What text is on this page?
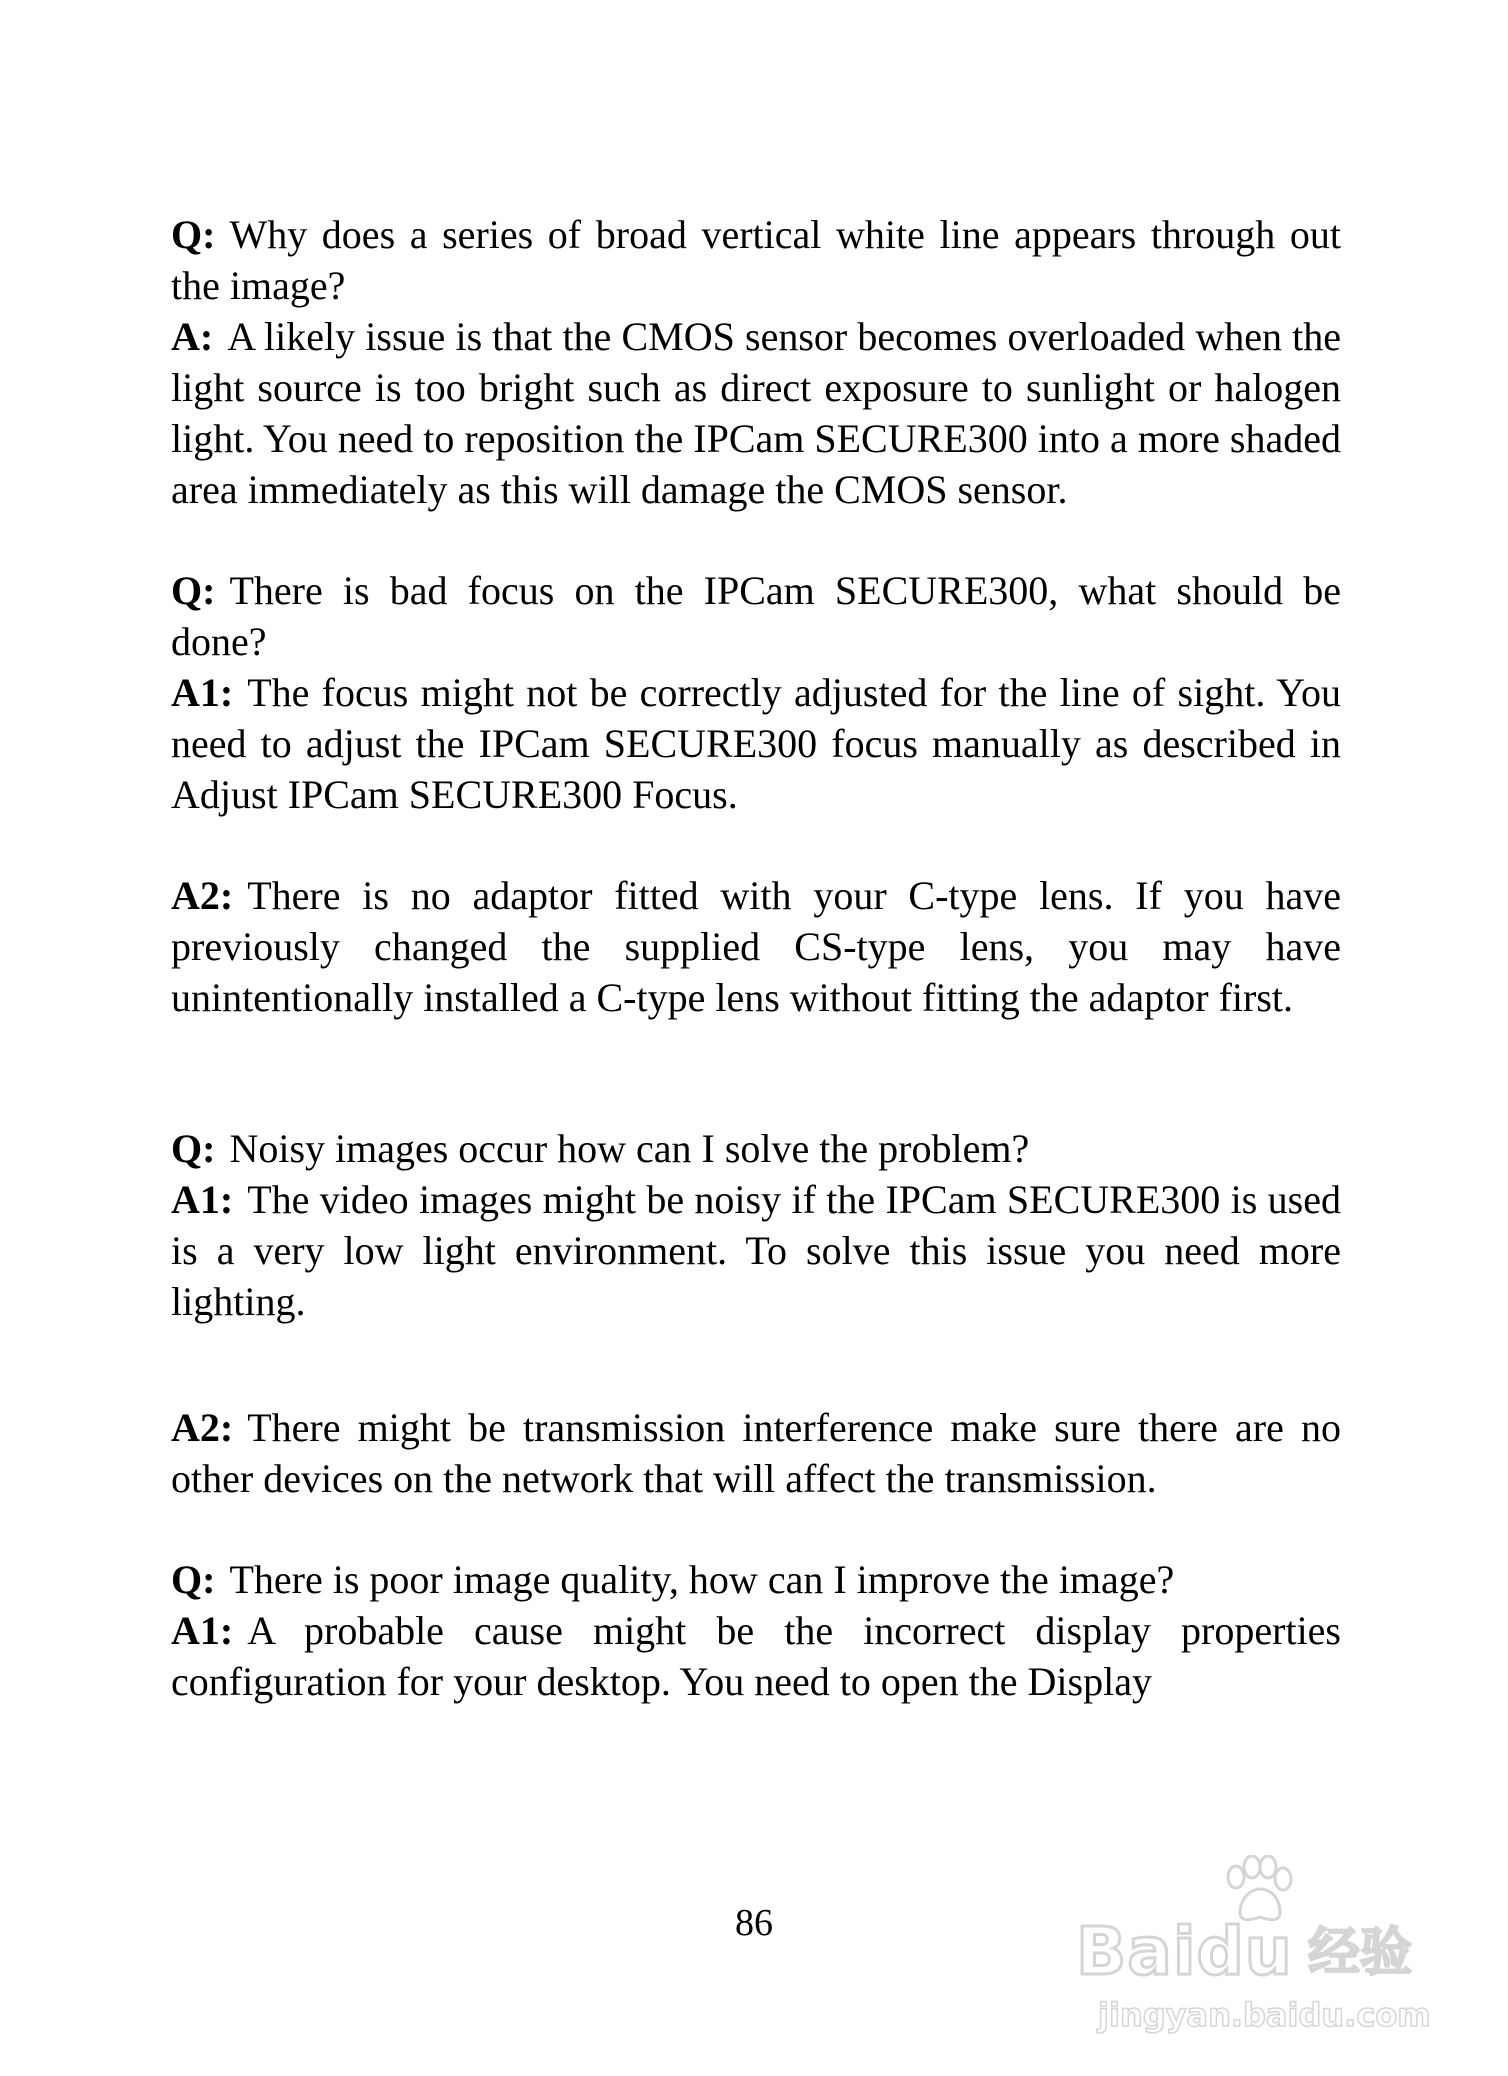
Q: Why does a series of broad vertical white line appears through out the image?

A: A likely issue is that the CMOS sensor becomes overloaded when the light source is too bright such as direct exposure to sunlight or halogen light. You need to reposition the IPCam SECURE300 into a more shaded area immediately as this will damage the CMOS sensor.

Q: There is bad focus on the IPCam SECURE300, what should be done?

A1: The focus might not be correctly adjusted for the line of sight. You need to adjust the IPCam SECURE300 focus manually as described in Adjust IPCam SECURE300 Focus.

A2: There is no adaptor fitted with your C-type lens. If you have previously changed the supplied CS-type lens, you may have unintentionally installed a C-type lens without fitting the adaptor first.

Q: Noisy images occur how can I solve the problem?

A1: The video images might be noisy if the IPCam SECURE300 is used is a very low light environment. To solve this issue you need more lighting.

A2: There might be transmission interference make sure there are no other devices on the network that will affect the transmission.

Q: There is poor image quality, how can I improve the image?

A1: A probable cause might be the incorrect display properties configuration for your desktop. You need to open the Display

86	Baidu 经验
jingyan.baidu.com
